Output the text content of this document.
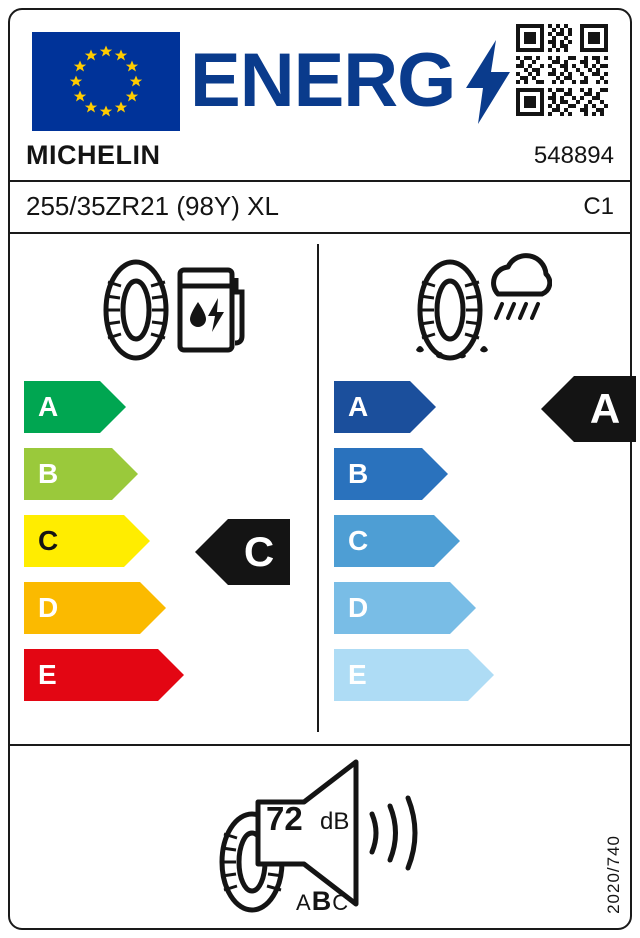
ENERG
MICHELIN	548894
255/35ZR21 (98Y) XL	C1
A
B
C
D
E
A
B
C
D
E
C
A
72 dB
ABC	2020/740
